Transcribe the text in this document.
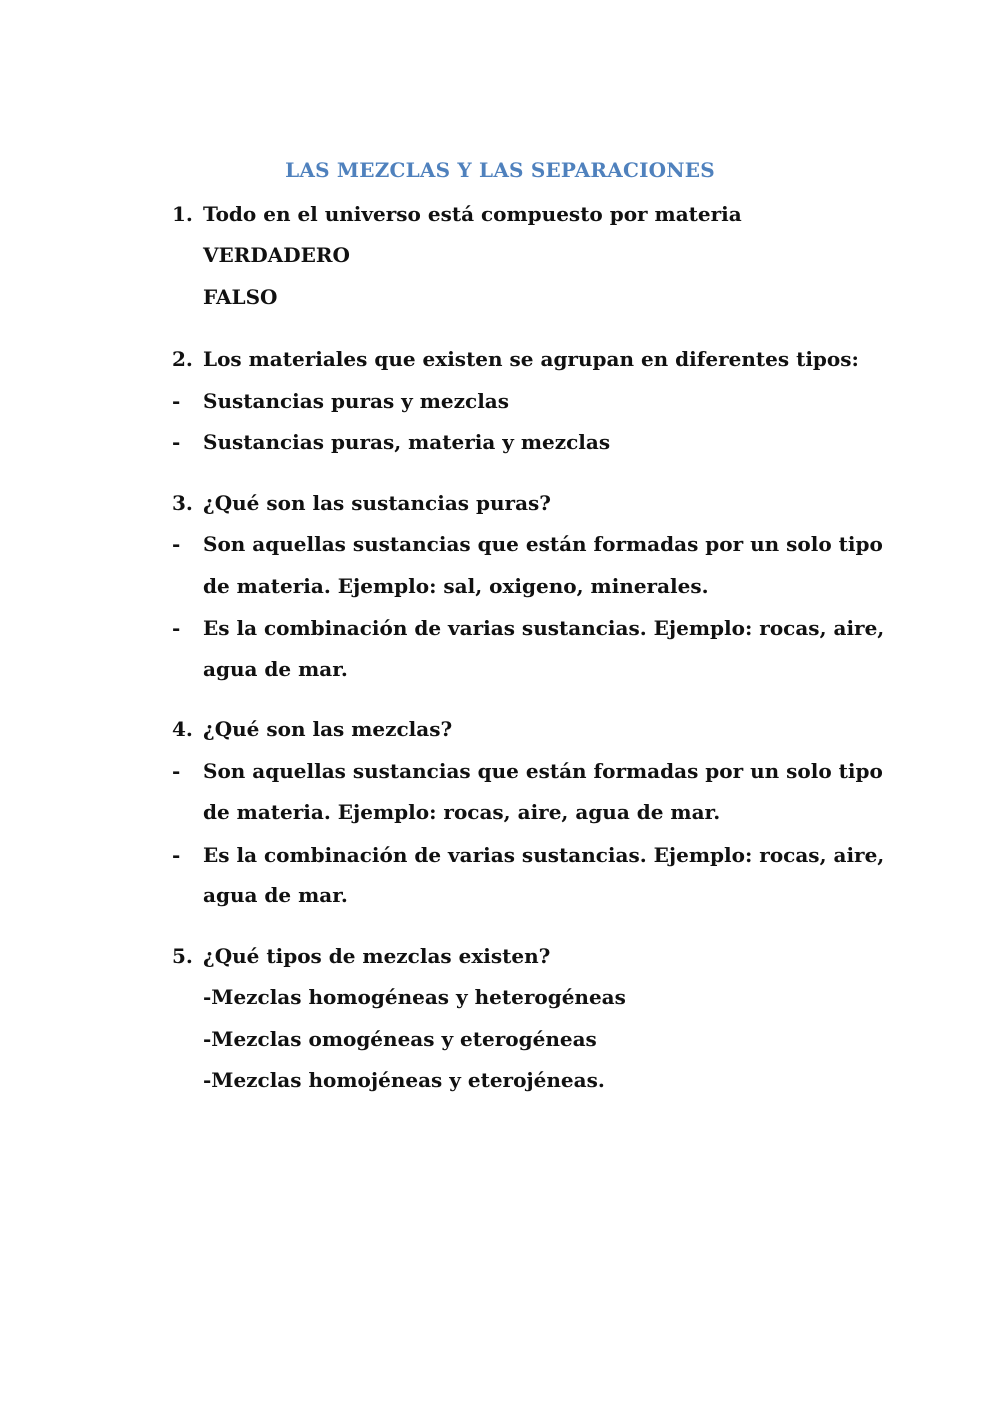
LAS MEZCLAS Y LAS SEPARACIONES
1. Todo en el universo está compuesto por materia
VERDADERO
FALSO
2. Los materiales que existen se agrupan en diferentes tipos:
- Sustancias puras y mezclas
- Sustancias puras, materia y mezclas
3. ¿Qué son las sustancias puras?
- Son aquellas sustancias que están formadas por un solo tipo
de materia. Ejemplo: sal, oxigeno, minerales.
- Es la combinación de varias sustancias. Ejemplo: rocas, aire,
agua de mar.
4. ¿Qué son las mezclas?
- Son aquellas sustancias que están formadas por un solo tipo
de materia. Ejemplo: rocas, aire, agua de mar.
- Es la combinación de varias sustancias. Ejemplo: rocas, aire,
agua de mar.
5. ¿Qué tipos de mezclas existen?
-Mezclas homogéneas y heterogéneas
-Mezclas omogéneas y eterogéneas
-Mezclas homojéneas y eterojéneas.
